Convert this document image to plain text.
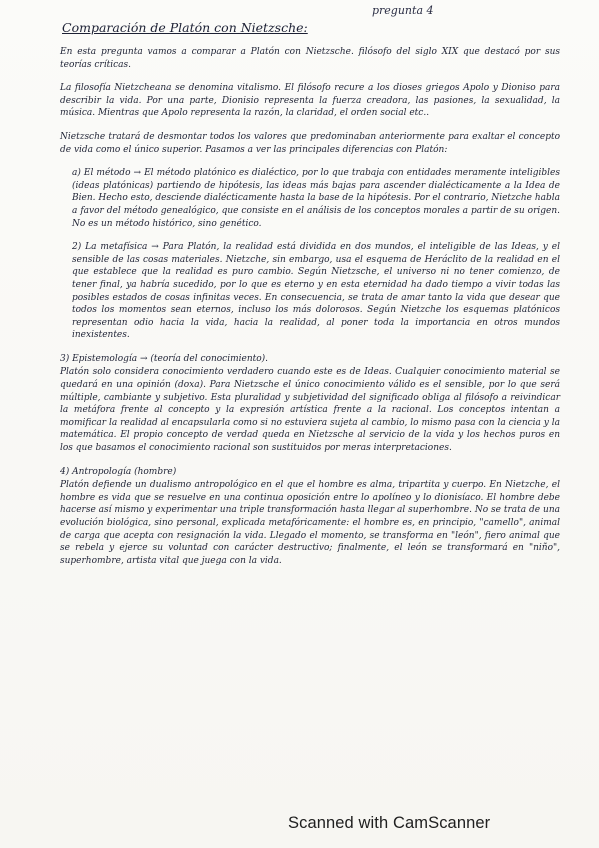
pregunta 4
Comparación de Platón con Nietzsche:

En esta pregunta vamos a comparar a Platón con Nietzsche. filósofo del siglo XIX que destacó por sus teorías críticas.

La filosofía Nietzcheana se denomina vitalismo. El filósofo recure a los dioses griegos Apolo y Dioniso para describir la vida. Por una parte, Dionisio representa la fuerza creadora, las pasiones, la sexualidad, la música. Mientras que Apolo representa la razón, la claridad, el orden social etc..

Nietzsche tratará de desmontar todos los valores que predominaban anteriormente para exaltar el concepto de vida como el único superior. Pasamos a ver las principales diferencias con Platón:

a) El método → El método platónico es dialéctico, por lo que trabaja con entidades meramente inteligibles (ideas platónicas) partiendo de hipótesis, las ideas más bajas para ascender dialécticamente a la Idea de Bien. Hecho esto, desciende dialécticamente hasta la base de la hipótesis. Por el contrario, Nietzche habla a favor del método genealógico, que consiste en el análisis de los conceptos morales a partir de su origen. No es un método histórico, sino genético.

2) La metafísica → Para Platón, la realidad está dividida en dos mundos, el inteligible de las Ideas, y el sensible de las cosas materiales. Nietzche, sin embargo, usa el esquema de Heráclito de la realidad en el que establece que la realidad es puro cambio. Según Nietzsche, el universo ni no tener comienzo, de tener final, ya habría sucedido, por lo que es eterno y en esta eternidad ha dado tiempo a vivir todas las posibles estados de cosas infinitas veces. En consecuencia, se trata de amar tanto la vida que desear que todos los momentos sean eternos, incluso los más dolorosos. Según Nietzche los esquemas platónicos representan odio hacia la vida, hacia la realidad, al poner toda la importancia en otros mundos inexistentes.

3) Epistemología → (teoría del conocimiento).

Platón solo considera conocimiento verdadero cuando este es de Ideas. Cualquier conocimiento material se quedará en una opinión (doxa). Para Nietzsche el único conocimiento válido es el sensible, por lo que será múltiple, cambiante y subjetivo. Esta pluralidad y subjetividad del significado obliga al filósofo a reivindicar la metáfora frente al concepto y la expresión artística frente a la racional. Los conceptos intentan a momificar la realidad al encapsularla como si no estuviera sujeta al cambio, lo mismo pasa con la ciencia y la matemática. El propio concepto de verdad queda en Nietzsche al servicio de la vida y los hechos puros en los que basamos el conocimiento racional son sustituidos por meras interpretaciones.

4) Antropología (hombre)

Platón defiende un dualismo antropológico en el que el hombre es alma, tripartita y cuerpo. En Nietzche, el hombre es vida que se resuelve en una continua oposición entre lo apolíneo y lo dionisíaco. El hombre debe hacerse así mismo y experimentar una triple transformación hasta llegar al superhombre. No se trata de una evolución biológica, sino personal, explicada metafóricamente: el hombre es, en principio, "camello", animal de carga que acepta con resignación la vida. Llegado el momento, se transforma en "león", fiero animal que se rebela y ejerce su voluntad con carácter destructivo; finalmente, el león se transformará en "niño", superhombre, artista vital que juega con la vida.

Scanned with CamScanner
